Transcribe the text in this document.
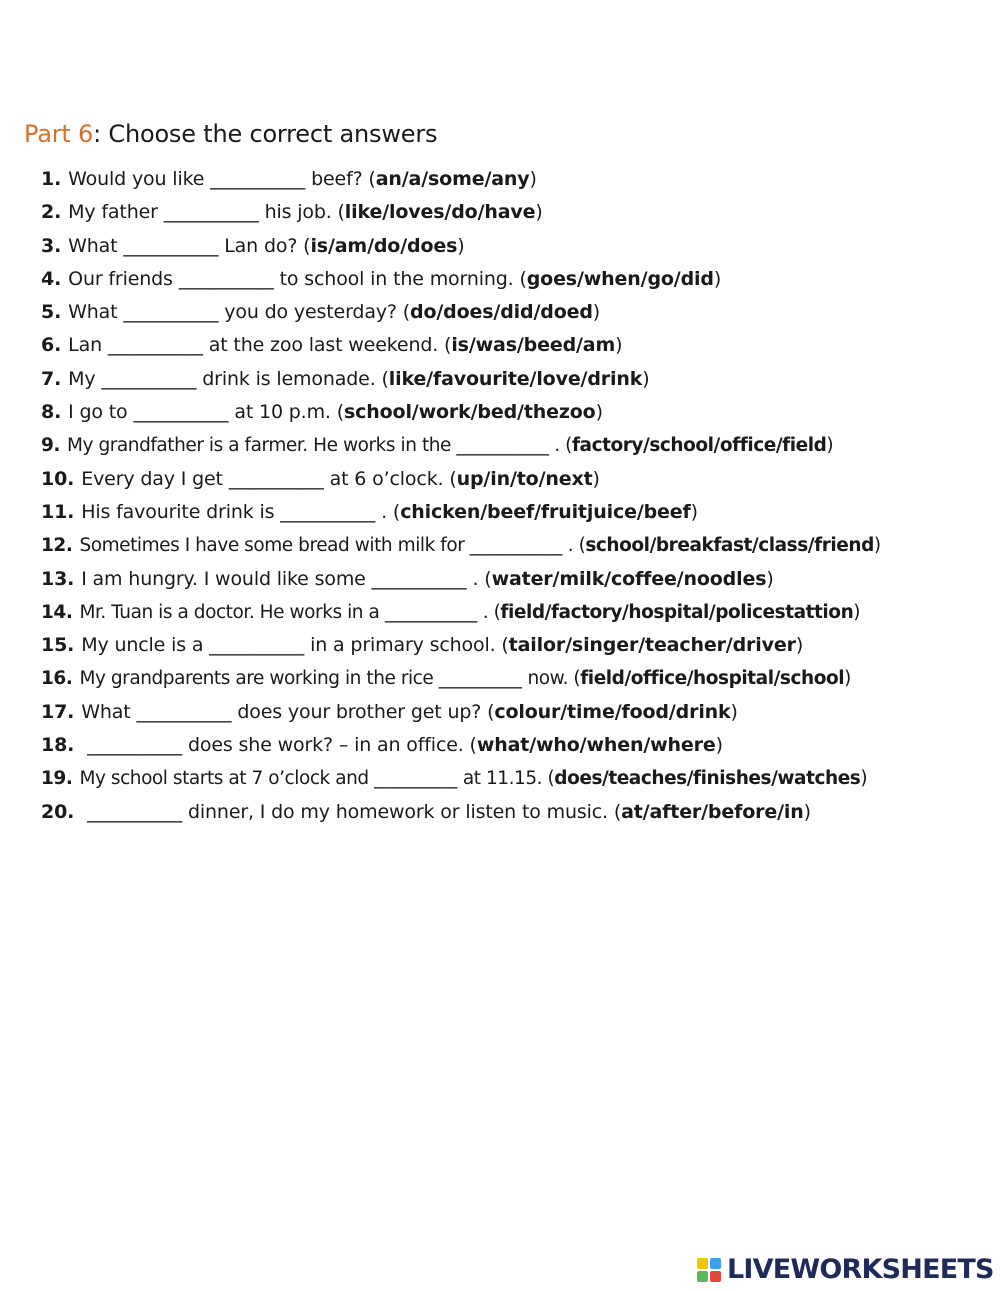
Part 6: Choose the correct answers
1. Would you like __________ beef? (an/a/some/any)
2. My father __________ his job. (like/loves/do/have)
3. What __________ Lan do? (is/am/do/does)
4. Our friends __________ to school in the morning. (goes/when/go/did)
5. What __________ you do yesterday? (do/does/did/doed)
6. Lan __________ at the zoo last weekend. (is/was/beed/am)
7. My __________ drink is lemonade. (like/favourite/love/drink)
8. I go to __________ at 10 p.m. (school/work/bed/thezoo)
9. My grandfather is a farmer. He works in the __________ . (factory/school/office/field)
10. Every day I get __________ at 6 o’clock. (up/in/to/next)
11. His favourite drink is __________ . (chicken/beef/fruitjuice/beef)
12. Sometimes I have some bread with milk for __________ . (school/breakfast/class/friend)
13. I am hungry. I would like some __________ . (water/milk/coffee/noodles)
14. Mr. Tuan is a doctor. He works in a __________ . (field/factory/hospital/policestattion)
15. My uncle is a __________ in a primary school. (tailor/singer/teacher/driver)
16. My grandparents are working in the rice _________ now. (field/office/hospital/school)
17. What __________ does your brother get up? (colour/time/food/drink)
18. __________ does she work? – in an office. (what/who/when/where)
19. My school starts at 7 o’clock and _________ at 11.15. (does/teaches/finishes/watches)
20. __________ dinner, I do my homework or listen to music. (at/after/before/in)
LIVEWORKSHEETS
